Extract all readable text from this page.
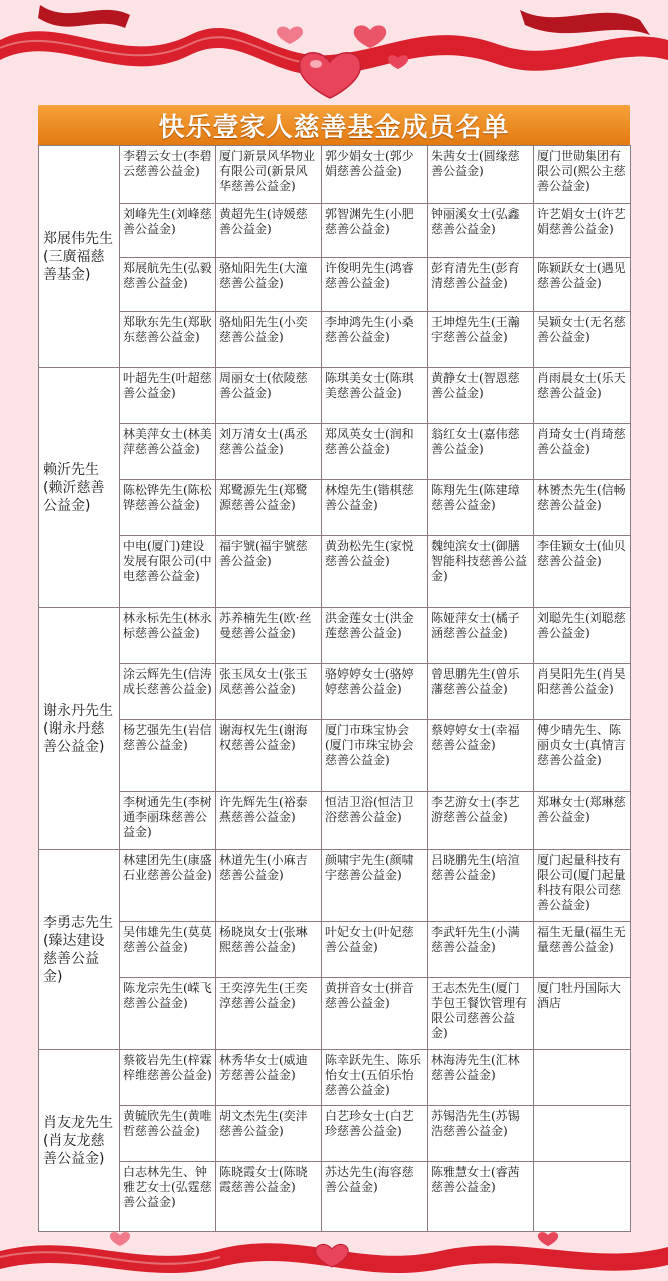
快乐壹家人慈善基金成员名单
郑展伟先生(三廣福慈善基金)	李碧云女士(李碧云慈善公益金)	厦门新景风华物业有限公司(新景风华慈善公益金)	郭少娟女士(郭少娟慈善公益金)	朱茜女士(圆缘慈善公益金)	厦门世勋集团有限公司(熙公主慈善公益金)
	刘峰先生(刘峰慈善公益金)	黄超先生(诗媛慈善公益金)	郭智渊先生(小肥慈善公益金)	钟丽溪女士(弘鑫慈善公益金)	许艺娟女士(许艺娟慈善公益金)
	郑展航先生(弘毅慈善公益金)	骆灿阳先生(大潼慈善公益金)	许俊明先生(鸿睿慈善公益金)	彭育清先生(彭育清慈善公益金)	陈颖跃女士(遇见慈善公益金)
	郑耿东先生(郑耿东慈善公益金)	骆灿阳先生(小奕慈善公益金)	李坤鸿先生(小桑慈善公益金)	王坤煌先生(王瀚宇慈善公益金)	吴颖女士(无名慈善公益金)
赖沂先生(赖沂慈善公益金)	叶超先生(叶超慈善公益金)	周丽女士(依陵慈善公益金)	陈琪美女士(陈琪美慈善公益金)	黄静女士(智恩慈善公益金)	肖雨晨女士(乐天慈善公益金)
	林美萍女士(林美萍慈善公益金)	刘万清女士(禹丞慈善公益金)	郑凤英女士(润和慈善公益金)	翁红女士(嘉伟慈善公益金)	肖琦女士(肖琦慈善公益金)
	陈松铧先生(陈松铧慈善公益金)	郑鹭源先生(郑鹭源慈善公益金)	林煌先生(锴棋慈善公益金)	陈翔先生(陈建璋慈善公益金)	林赟杰先生(信畅慈善公益金)
	中电(厦门)建设发展有限公司(中电慈善公益金)	福宇號(福宇號慈善公益金)	黄劲松先生(家悦慈善公益金)	魏纯滨女士(御膳智能科技慈善公益金)	李佳颖女士(仙贝慈善公益金)
谢永丹先生(谢永丹慈善公益金)	林永标先生(林永标慈善公益金)	苏养楠先生(欧·丝曼慈善公益金)	洪金莲女士(洪金莲慈善公益金)	陈娅萍女士(橘子涵慈善公益金)	刘聪先生(刘聪慈善公益金)
	涂云辉先生(信涛成长慈善公益金)	张玉凤女士(张玉凤慈善公益金)	骆婷婷女士(骆婷婷慈善公益金)	曾思鹏先生(曾乐藩慈善公益金)	肖昊阳先生(肖昊阳慈善公益金)
	杨艺强先生(岩信慈善公益金)	谢海权先生(谢海权慈善公益金)	厦门市珠宝协会(厦门市珠宝协会慈善公益金)	蔡婷婷女士(幸福慈善公益金)	傅少晴先生、陈丽贞女士(真情言慈善公益金)
	李树通先生(李树通李丽珠慈善公益金)	许先辉先生(裕泰燕慈善公益金)	恒洁卫浴(恒洁卫浴慈善公益金)	李艺游女士(李艺游慈善公益金)	郑琳女士(郑琳慈善公益金)
李勇志先生(臻达建设慈善公益金)	林建团先生(康盛石业慈善公益金)	林道先生(小麻吉慈善公益金)	颜啸宇先生(颜啸宇慈善公益金)	吕晓鹏先生(培渲慈善公益金)	厦门起量科技有限公司(厦门起量科技有限公司慈善公益金)
	吴伟雄先生(莫莫慈善公益金)	杨晓岚女士(张琳熙慈善公益金)	叶妃女士(叶妃慈善公益金)	李武轩先生(小满慈善公益金)	福生无量(福生无量慈善公益金)
	陈龙宗先生(嵘飞慈善公益金)	王奕淳先生(王奕淳慈善公益金)	黄拼音女士(拼音慈善公益金)	王志杰先生(厦门芋包王餐饮管理有限公司慈善公益金)	厦门牡丹国际大酒店
肖友龙先生(肖友龙慈善公益金)	蔡筱岩先生(梓霖梓维慈善公益金)	林秀华女士(威迪芳慈善公益金)	陈幸跃先生、陈乐怡女士(五佰乐怡慈善公益金)	林海涛先生(汇林慈善公益金)	
	黄毓欣先生(黄唯哲慈善公益金)	胡文杰先生(奕沣慈善公益金)	白艺珍女士(白艺珍慈善公益金)	苏锡浩先生(苏锡浩慈善公益金)	
	白志林先生、钟雅艺女士(弘霆慈善公益金)	陈晓霞女士(陈晓霞慈善公益金)	苏达先生(海容慈善公益金)	陈雅慧女士(睿茜慈善公益金)	
